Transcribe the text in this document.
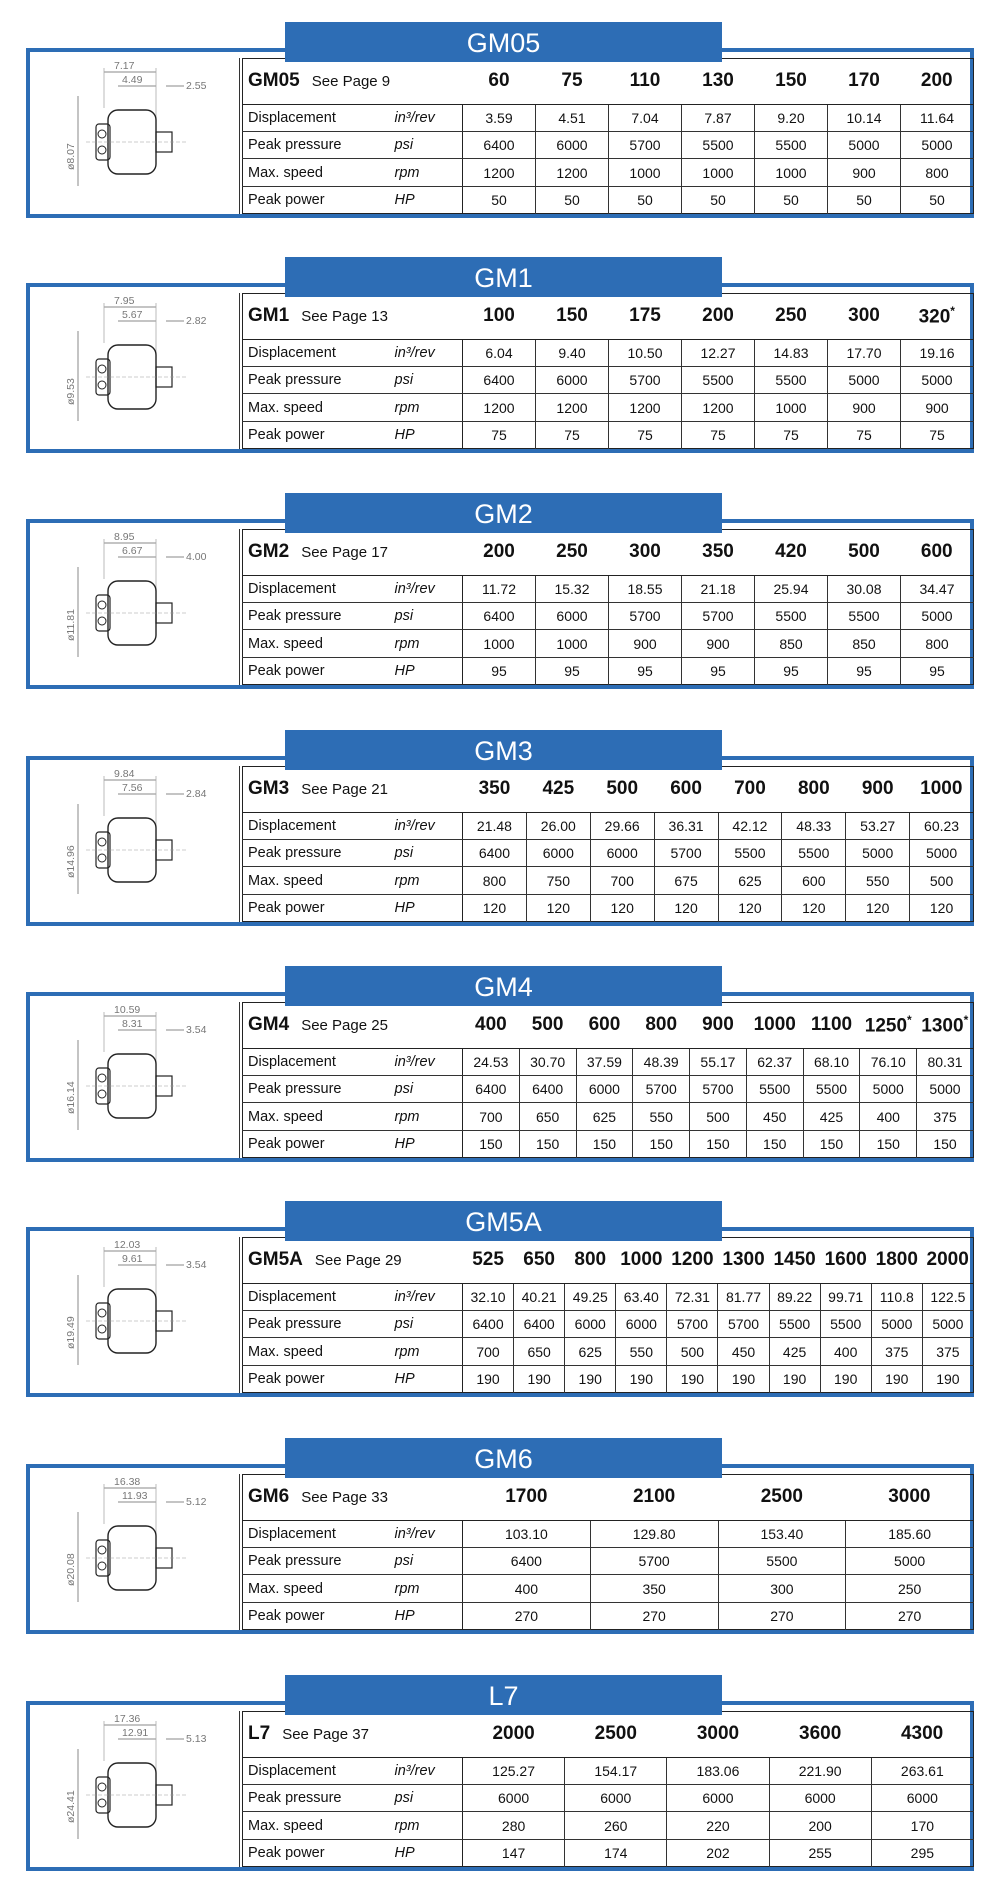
GM05
7.17
4.49	2.55
ø8.07
GM05 See Page 9		60	75	110	130	150	170	200
Displacement	in³/rev	3.59	4.51	7.04	7.87	9.20	10.14	11.64
Peak pressure	psi	6400	6000	5700	5500	5500	5000	5000
Max. speed	rpm	1200	1200	1000	1000	1000	900	800
Peak power	HP	50	50	50	50	50	50	50
GM1
7.95
5.67	2.82
ø9.53
GM1 See Page 13		100	150	175	200	250	300	320*
Displacement	in³/rev	6.04	9.40	10.50	12.27	14.83	17.70	19.16
Peak pressure	psi	6400	6000	5700	5500	5500	5000	5000
Max. speed	rpm	1200	1200	1200	1200	1000	900	900
Peak power	HP	75	75	75	75	75	75	75
GM2
8.95
6.67	4.00
ø11.81
GM2 See Page 17		200	250	300	350	420	500	600
Displacement	in³/rev	11.72	15.32	18.55	21.18	25.94	30.08	34.47
Peak pressure	psi	6400	6000	5700	5700	5500	5500	5000
Max. speed	rpm	1000	1000	900	900	850	850	800
Peak power	HP	95	95	95	95	95	95	95
GM3
9.84
7.56	2.84
ø14.96
GM3 See Page 21		350	425	500	600	700	800	900	1000
Displacement	in³/rev	21.48	26.00	29.66	36.31	42.12	48.33	53.27	60.23
Peak pressure	psi	6400	6000	6000	5700	5500	5500	5000	5000
Max. speed	rpm	800	750	700	675	625	600	550	500
Peak power	HP	120	120	120	120	120	120	120	120
GM4
10.59
8.31	3.54
ø16.14
GM4 See Page 25		400	500	600	800	900	1000	1100	1250*	1300*
Displacement	in³/rev	24.53	30.70	37.59	48.39	55.17	62.37	68.10	76.10	80.31
Peak pressure	psi	6400	6400	6000	5700	5700	5500	5500	5000	5000
Max. speed	rpm	700	650	625	550	500	450	425	400	375
Peak power	HP	150	150	150	150	150	150	150	150	150
GM5A
12.03
9.61	3.54
ø19.49
GM5A See Page 29		525	650	800	1000	1200	1300	1450	1600	1800	2000
Displacement	in³/rev	32.10	40.21	49.25	63.40	72.31	81.77	89.22	99.71	110.8	122.5
Peak pressure	psi	6400	6400	6000	6000	5700	5700	5500	5500	5000	5000
Max. speed	rpm	700	650	625	550	500	450	425	400	375	375
Peak power	HP	190	190	190	190	190	190	190	190	190	190
GM6
16.38
11.93	5.12
ø20.08
GM6 See Page 33		1700	2100	2500	3000
Displacement	in³/rev	103.10	129.80	153.40	185.60
Peak pressure	psi	6400	5700	5500	5000
Max. speed	rpm	400	350	300	250
Peak power	HP	270	270	270	270
L7
17.36
12.91	5.13
ø24.41
L7 See Page 37		2000	2500	3000	3600	4300
Displacement	in³/rev	125.27	154.17	183.06	221.90	263.61
Peak pressure	psi	6000	6000	6000	6000	6000
Max. speed	rpm	280	260	220	200	170
Peak power	HP	147	174	202	255	295
